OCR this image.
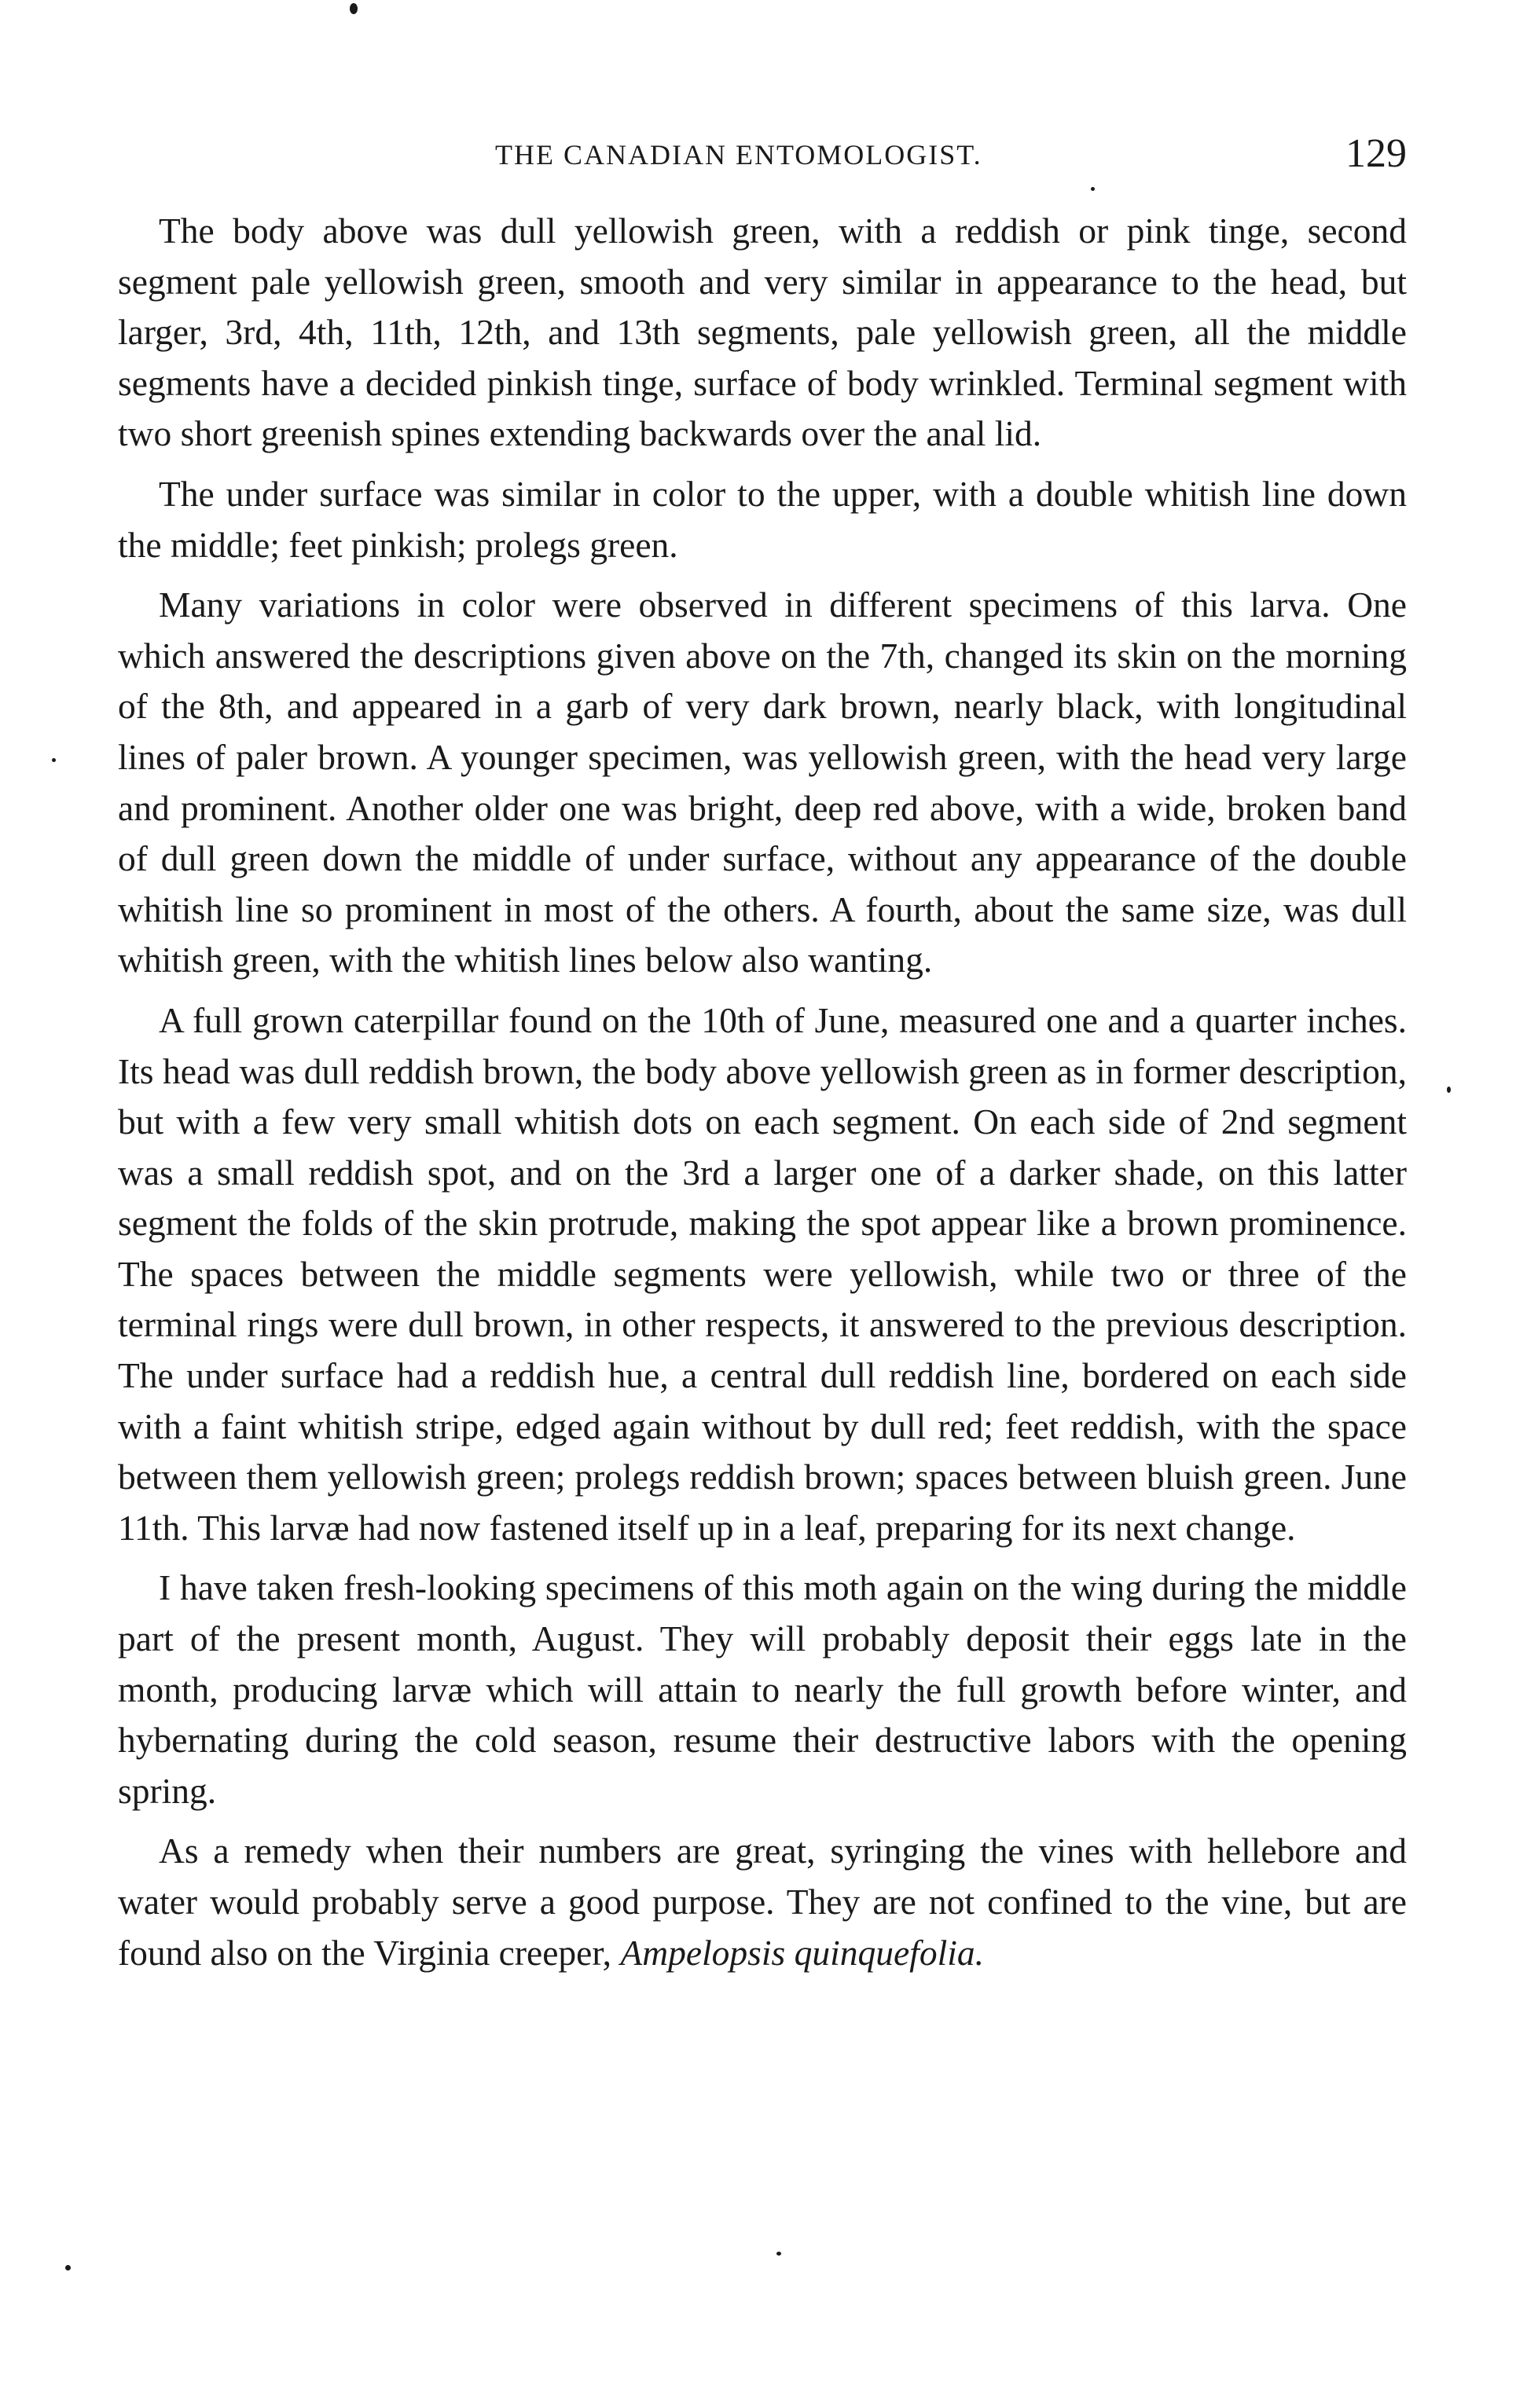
THE CANADIAN ENTOMOLOGIST.	129

The body above was dull yellowish green, with a reddish or pink tinge, second segment pale yellowish green, smooth and very similar in appearance to the head, but larger, 3rd, 4th, 11th, 12th, and 13th segments, pale yellowish green, all the middle segments have a decided pinkish tinge, surface of body wrinkled. Terminal segment with two short greenish spines extending backwards over the anal lid.

The under surface was similar in color to the upper, with a double whitish line down the middle; feet pinkish; prolegs green.

Many variations in color were observed in different specimens of this larva. One which answered the descriptions given above on the 7th, changed its skin on the morning of the 8th, and appeared in a garb of very dark brown, nearly black, with longitudinal lines of paler brown. A younger specimen, was yellowish green, with the head very large and prominent. Another older one was bright, deep red above, with a wide, broken band of dull green down the middle of under surface, without any appearance of the double whitish line so prominent in most of the others. A fourth, about the same size, was dull whitish green, with the whitish lines below also wanting.

A full grown caterpillar found on the 10th of June, measured one and a quarter inches. Its head was dull reddish brown, the body above yellowish green as in former description, but with a few very small whitish dots on each segment. On each side of 2nd segment was a small reddish spot, and on the 3rd a larger one of a darker shade, on this latter segment the folds of the skin protrude, making the spot appear like a brown prominence. The spaces between the middle segments were yellowish, while two or three of the terminal rings were dull brown, in other respects, it answered to the previous description. The under surface had a reddish hue, a central dull reddish line, bordered on each side with a faint whitish stripe, edged again without by dull red; feet reddish, with the space between them yellowish green; prolegs reddish brown; spaces between bluish green. June 11th. This larvæ had now fastened itself up in a leaf, preparing for its next change.

I have taken fresh-looking specimens of this moth again on the wing during the middle part of the present month, August. They will probably deposit their eggs late in the month, producing larvæ which will attain to nearly the full growth before winter, and hybernating during the cold season, resume their destructive labors with the opening spring.

As a remedy when their numbers are great, syringing the vines with hellebore and water would probably serve a good purpose. They are not confined to the vine, but are found also on the Virginia creeper, Ampelopsis quinquefolia.
